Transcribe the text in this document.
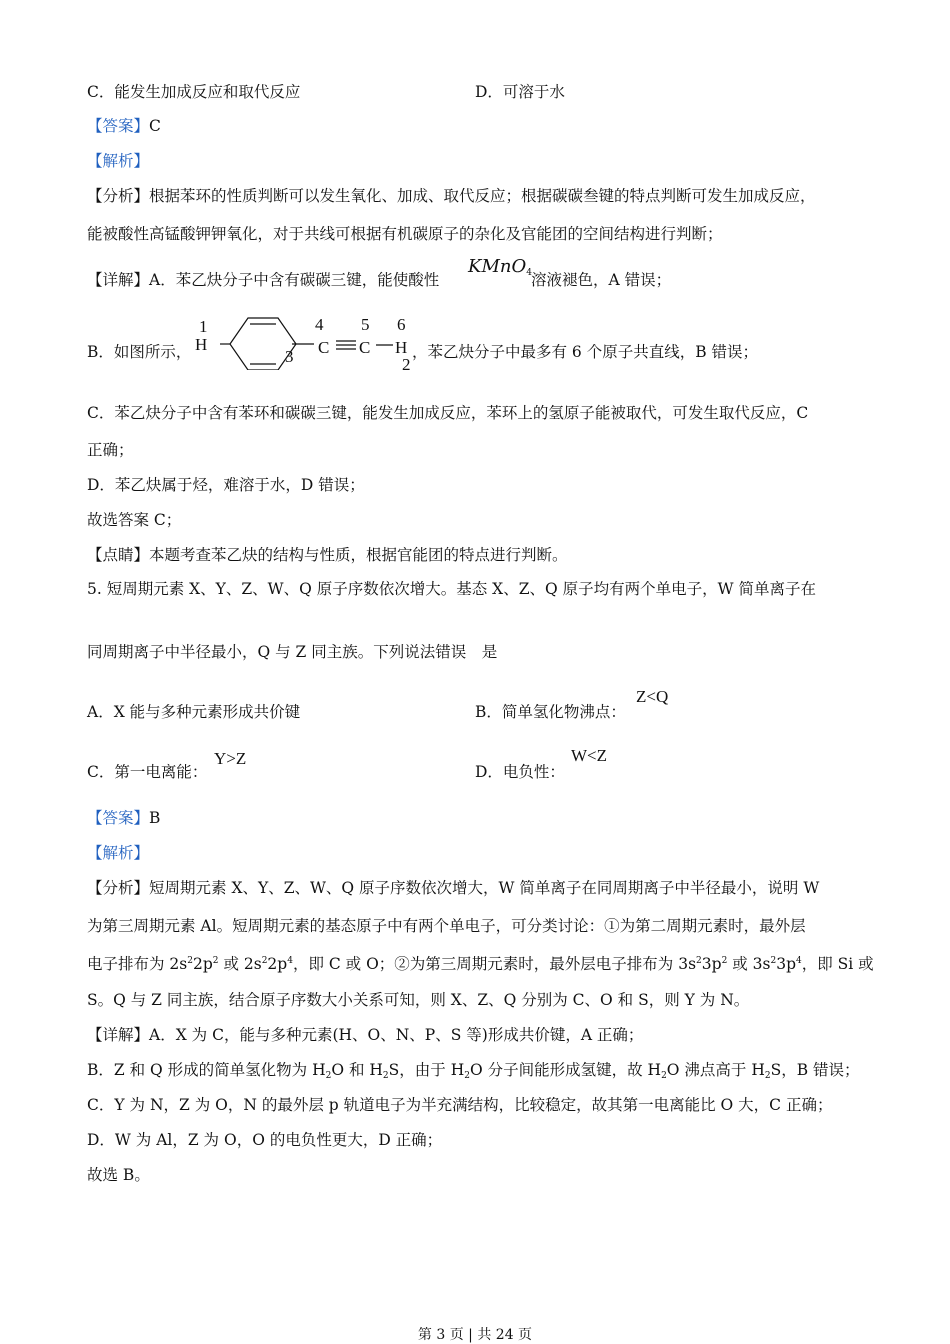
C．能发生加成反应和取代反应	D．可溶于水
【答案】C
【解析】
【分析】根据苯环的性质判断可以发生氧化、加成、取代反应；根据碳碳叁键的特点判断可发生加成反应，
能被酸性高锰酸钾钾氧化，对于共线可根据有机碳原子的杂化及官能团的空间结构进行判断；
【详解】A．苯乙炔分子中含有碳碳三键，能使酸性
KMnO$_4$ 溶液褪色，A 错误；
B．如图所示，
2
3
4
C
5
C
6
H
1
H	，苯乙炔分子中最多有 6 个原子共直线，B 错误；
C．苯乙炔分子中含有苯环和碳碳三键，能发生加成反应，苯环上的氢原子能被取代，可发生取代反应，C
正确；
D．苯乙炔属于烃，难溶于水，D 错误；
故选答案 C；
【点睛】本题考查苯乙炔的结构与性质，根据官能团的特点进行判断。
5. 短周期元素 X、Y、Z、W、Q 原子序数依次增大。基态 X、Z、Q 原子均有两个单电子，W 简单离子在
同周期离子中半径最小，Q 与 Z 同主族。下列说法错误　是
A．X 能与多种元素形成共价键	B．简单氢化物沸点：
Z<Q
C．第一电离能：
Y>Z
D．电负性：
W<Z
【答案】B
【解析】
【分析】短周期元素 X、Y、Z、W、Q 原子序数依次增大，W 简单离子在同周期离子中半径最小，说明 W
为第三周期元素 Al。短周期元素的基态原子中有两个单电子，可分类讨论：①为第二周期元素时，最外层
电子排布为 $2s^22p^2$ 或 $2s^22p^4$，即 C 或 O；②为第三周期元素时，最外层电子排布为 $3s^23p^2$ 或 $3s^23p^4$，即 Si 或
S。Q 与 Z 同主族，结合原子序数大小关系可知，则 X、Z、Q 分别为 C、O 和 S，则 Y 为 N。
【详解】A．X 为 C，能与多种元素(H、O、N、P、S 等)形成共价键，A 正确；
B．Z 和 Q 形成的简单氢化物为 $H_2O$ 和 $H_2S$，由于 $H_2O$ 分子间能形成氢键，故 $H_2O$ 沸点高于 $H_2S$，B 错误；
C．Y 为 N，Z 为 O，N 的最外层 p 轨道电子为半充满结构，比较稳定，故其第一电离能比 O 大，C 正确；
D．W 为 Al，Z 为 O，O 的电负性更大，D 正确；
故选 B。
第 3 页 | 共 24 页
